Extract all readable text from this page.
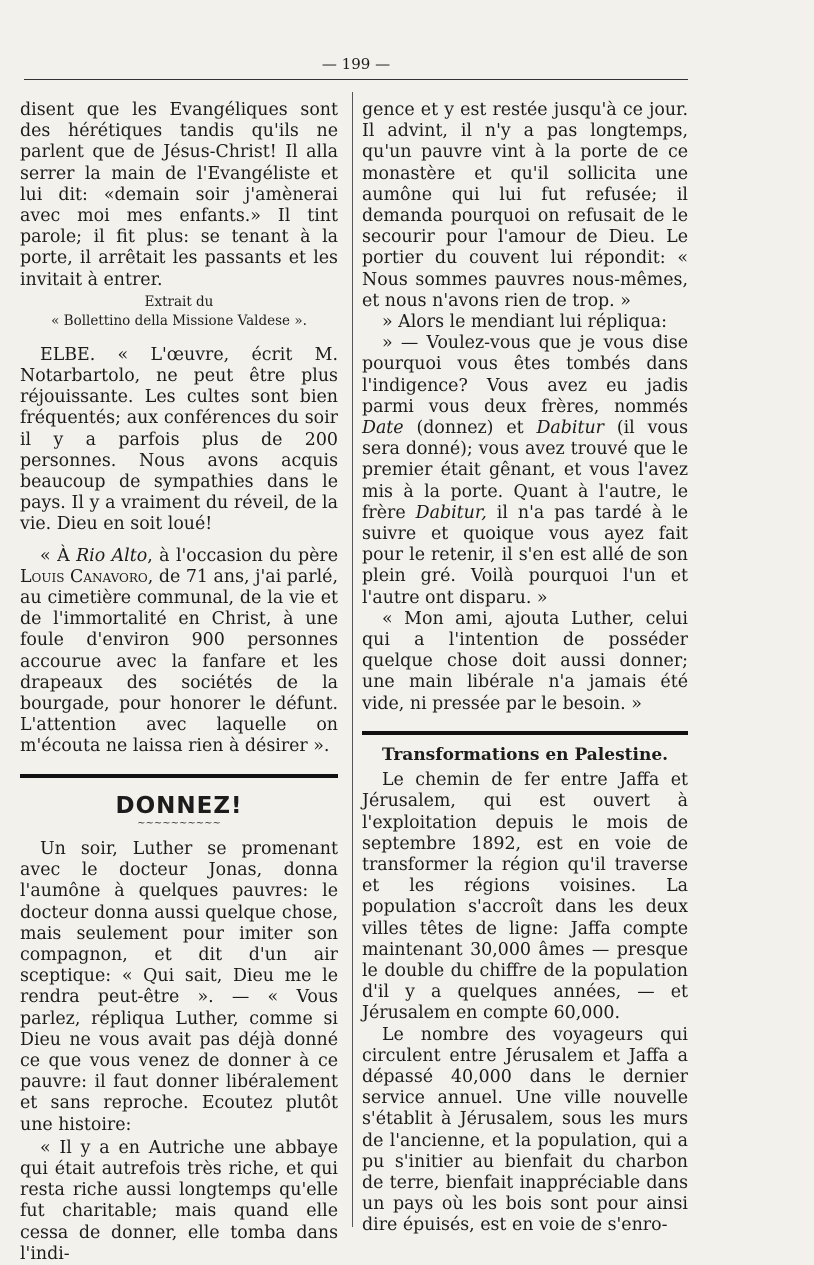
— 199 —

disent que les Evangéliques sont des hérétiques tandis qu'ils ne parlent que de Jésus-Christ! Il alla serrer la main de l'Evangéliste et lui dit: «demain soir j'amènerai avec moi mes enfants.» Il tint parole; il fit plus: se tenant à la porte, il arrêtait les passants et les invitait à entrer.

Extrait du
« Bollettino della Missione Valdese ».

ELBE. « L'œuvre, écrit M. Notarbartolo, ne peut être plus réjouissante. Les cultes sont bien fréquentés; aux conférences du soir il y a parfois plus de 200 personnes. Nous avons acquis beaucoup de sympathies dans le pays. Il y a vraiment du réveil, de la vie. Dieu en soit loué!

« À Rio Alto, à l'occasion du père Louis Canavoro, de 71 ans, j'ai parlé, au cimetière communal, de la vie et de l'immortalité en Christ, à une foule d'environ 900 personnes accourue avec la fanfare et les drapeaux des sociétés de la bourgade, pour honorer le défunt. L'attention avec laquelle on m'écouta ne laissa rien à désirer ».

DONNEZ!
~~~~~~~~~~

Un soir, Luther se promenant avec le docteur Jonas, donna l'aumône à quelques pauvres: le docteur donna aussi quelque chose, mais seulement pour imiter son compagnon, et dit d'un air sceptique: « Qui sait, Dieu me le rendra peut-être ». — « Vous parlez, répliqua Luther, comme si Dieu ne vous avait pas déjà donné ce que vous venez de donner à ce pauvre: il faut donner libéralement et sans reproche. Ecoutez plutôt une histoire:

« Il y a en Autriche une abbaye qui était autrefois très riche, et qui resta riche aussi longtemps qu'elle fut charitable; mais quand elle cessa de donner, elle tomba dans l'indi-

gence et y est restée jusqu'à ce jour. Il advint, il n'y a pas longtemps, qu'un pauvre vint à la porte de ce monastère et qu'il sollicita une aumône qui lui fut refusée; il demanda pourquoi on refusait de le secourir pour l'amour de Dieu. Le portier du couvent lui répondit: « Nous sommes pauvres nous-mêmes, et nous n'avons rien de trop. »

» Alors le mendiant lui répliqua:

» — Voulez-vous que je vous dise pourquoi vous êtes tombés dans l'indigence? Vous avez eu jadis parmi vous deux frères, nommés Date (donnez) et Dabitur (il vous sera donné); vous avez trouvé que le premier était gênant, et vous l'avez mis à la porte. Quant à l'autre, le frère Dabitur, il n'a pas tardé à le suivre et quoique vous ayez fait pour le retenir, il s'en est allé de son plein gré. Voilà pourquoi l'un et l'autre ont disparu. »

« Mon ami, ajouta Luther, celui qui a l'intention de posséder quelque chose doit aussi donner; une main libérale n'a jamais été vide, ni pressée par le besoin. »

Transformations en Palestine.

Le chemin de fer entre Jaffa et Jérusalem, qui est ouvert à l'exploitation depuis le mois de septembre 1892, est en voie de transformer la région qu'il traverse et les régions voisines. La population s'accroît dans les deux villes têtes de ligne: Jaffa compte maintenant 30,000 âmes — presque le double du chiffre de la population d'il y a quelques années, — et Jérusalem en compte 60,000.

Le nombre des voyageurs qui circulent entre Jérusalem et Jaffa a dépassé 40,000 dans le dernier service annuel. Une ville nouvelle s'établit à Jérusalem, sous les murs de l'ancienne, et la population, qui a pu s'initier au bienfait du charbon de terre, bienfait inappréciable dans un pays où les bois sont pour ainsi dire épuisés, est en voie de s'enro-
